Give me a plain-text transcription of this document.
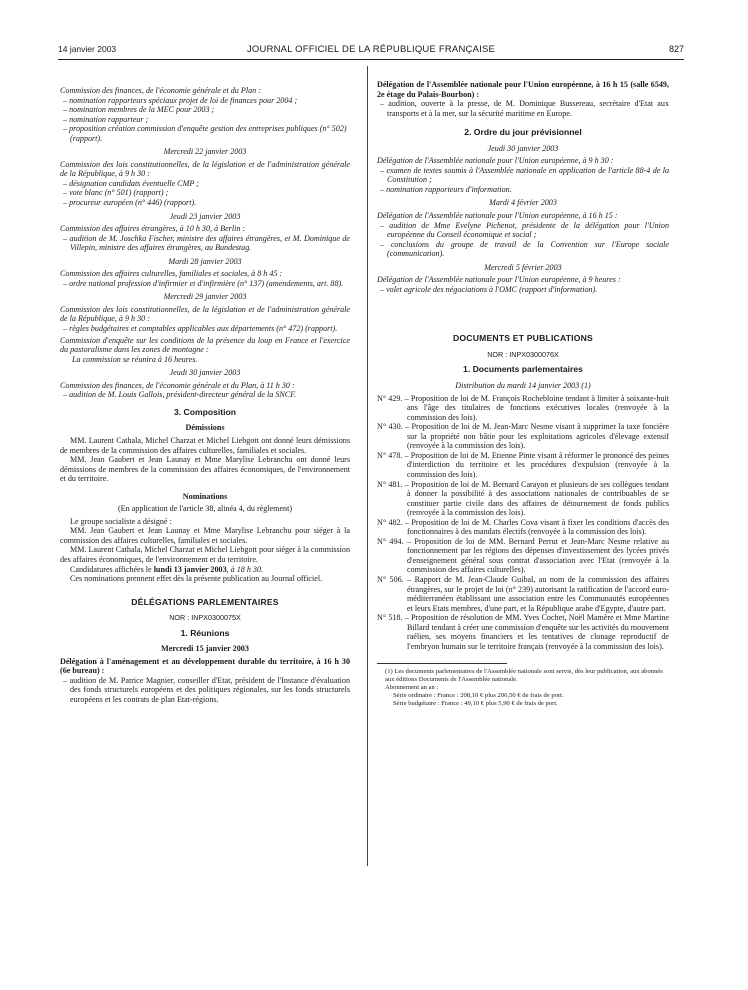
14 janvier 2003	JOURNAL OFFICIEL DE LA RÉPUBLIQUE FRANÇAISE	827

Commission des finances, de l'économie générale et du Plan :

– nomination rapporteurs spéciaux projet de loi de finances pour 2004 ;

– nomination membres de la MEC pour 2003 ;

– nomination rapporteur ;

– proposition création commission d'enquête gestion des entreprises publiques (n° 502) (rapport).

Mercredi 22 janvier 2003

Commission des lois constitutionnelles, de la législation et de l'administration générale de la République, à 9 h 30 :

– désignation candidats éventuelle CMP ;

– vote blanc (n° 501) (rapport) ;

– procureur européen (n° 446) (rapport).

Jeudi 23 janvier 2003

Commission des affaires étrangères, à 10 h 30, à Berlin :

– audition de M. Joschka Fischer, ministre des affaires étrangères, et M. Dominique de Villepin, ministre des affaires étrangères, au Bundestag.

Mardi 28 janvier 2003

Commission des affaires culturelles, familiales et sociales, à 8 h 45 :

– ordre national profession d'infirmier et d'infirmière (n° 137) (amendements, art. 88).

Mercredi 29 janvier 2003

Commission des lois constitutionnelles, de la législation et de l'administration générale de la République, à 9 h 30 :

– règles budgétaires et comptables applicables aux départements (n° 472) (rapport).

Commission d'enquête sur les conditions de la présence du loup en France et l'exercice du pastoralisme dans les zones de montagne :

La commission se réunira à 16 heures.

Jeudi 30 janvier 2003

Commission des finances, de l'économie générale et du Plan, à 11 h 30 :

– audition de M. Louis Gallois, président-directeur général de la SNCF.

3. Composition

Démissions

MM. Laurent Cathala, Michel Charzat et Michel Liebgott ont donné leurs démissions de membres de la commission des affaires culturelles, familiales et sociales.

MM. Jean Gaubert et Jean Launay et Mme Marylise Lebranchu ont donné leurs démissions de membres de la commission des affaires économiques, de l'environnement et du territoire.

Nominations

(En application de l'article 38, alinéa 4, du règlement)

Le groupe socialiste a désigné :

MM. Jean Gaubert et Jean Launay et Mme Marylise Lebranchu pour siéger à la commission des affaires culturelles, familiales et sociales.

MM. Laurent Cathala, Michel Charzat et Michel Liebgott pour siéger à la commission des affaires économiques, de l'environnement et du territoire.

Candidatures affichées le lundi 13 janvier 2003, à 18 h 30.

Ces nominations prennent effet dès la présente publication au Journal officiel.

DÉLÉGATIONS PARLEMENTAIRES

NOR : INPX0300075X

1. Réunions

Mercredi 15 janvier 2003

Délégation à l'aménagement et au développement durable du territoire, à 16 h 30 (6e bureau) :

– audition de M. Patrice Magnier, conseiller d'Etat, président de l'Instance d'évaluation des fonds structurels européens et des politiques régionales, sur les fonds structurels européens et les contrats de plan Etat-régions.

Délégation de l'Assemblée nationale pour l'Union européenne, à 16 h 15 (salle 6549, 2e étage du Palais-Bourbon) :

– audition, ouverte à la presse, de M. Dominique Bussereau, secrétaire d'Etat aux transports et à la mer, sur la sécurité maritime en Europe.

2. Ordre du jour prévisionnel

Jeudi 30 janvier 2003

Délégation de l'Assemblée nationale pour l'Union européenne, à 9 h 30 :

– examen de textes soumis à l'Assemblée nationale en application de l'article 88-4 de la Constitution ;

– nomination rapporteurs d'information.

Mardi 4 février 2003

Délégation de l'Assemblée nationale pour l'Union européenne, à 16 h 15 :

– audition de Mme Evelyne Pichenot, présidente de la délégation pour l'Union européenne du Conseil économique et social ;

– conclusions du groupe de travail de la Convention sur l'Europe sociale (communication).

Mercredi 5 février 2003

Délégation de l'Assemblée nationale pour l'Union européenne, à 9 heures :

– volet agricole des négociations à l'OMC (rapport d'information).

DOCUMENTS ET PUBLICATIONS

NOR : INPX0300076X

1. Documents parlementaires

Distribution du mardi 14 janvier 2003 (1)

N° 429. – Proposition de loi de M. François Rochebloine tendant à limiter à soixante-huit ans l'âge des titulaires de fonctions exécutives locales (renvoyée à la commission des lois).

N° 430. – Proposition de loi de M. Jean-Marc Nesme visant à supprimer la taxe foncière sur la propriété non bâtie pour les exploitations agricoles d'élevage extensif (renvoyée à la commission des lois).

N° 478. – Proposition de loi de M. Etienne Pinte visant à réformer le prononcé des peines d'interdiction du territoire et les procédures d'expulsion (renvoyée à la commission des lois).

N° 481. – Proposition de loi de M. Bernard Carayon et plusieurs de ses collègues tendant à donner la possibilité à des associations nationales de contribuables de se constituer partie civile dans des affaires de détournement de fonds publics (renvoyée à la commission des lois).

N° 482. – Proposition de loi de M. Charles Cova visant à fixer les conditions d'accès des fonctionnaires à des mandats électifs (renvoyée à la commission des lois).

N° 494. – Proposition de loi de MM. Bernard Perrut et Jean-Marc Nesme relative au fonctionnement par les régions des dépenses d'investissement des lycées privés d'enseignement général sous contrat d'association avec l'Etat (renvoyée à la commission des affaires culturelles).

N° 506. – Rapport de M. Jean-Claude Guibal, au nom de la commission des affaires étrangères, sur le projet de loi (n° 239) autorisant la ratification de l'accord euro-méditerranéen établissant une association entre les Communautés européennes et leurs Etats membres, d'une part, et la République arabe d'Egypte, d'autre part.

N° 518. – Proposition de résolution de MM. Yves Cochet, Noël Mamère et Mme Martine Billard tendant à créer une commission d'enquête sur les activités du mouvement raélien, ses moyens financiers et les tentatives de clonage reproductif de l'embryon humain sur le territoire français (renvoyée à la commission des lois).

(1) Les documents parlementaires de l'Assemblée nationale sont servis, dès leur publication, aux abonnés aux éditions Documents de l'Assemblée nationale.

Abonnement an an :

Série ordinaire : France : 208,10 € plus 206,50 € de frais de port.

Série budgétaire : France : 49,10 € plus 5,90 € de frais de port.
